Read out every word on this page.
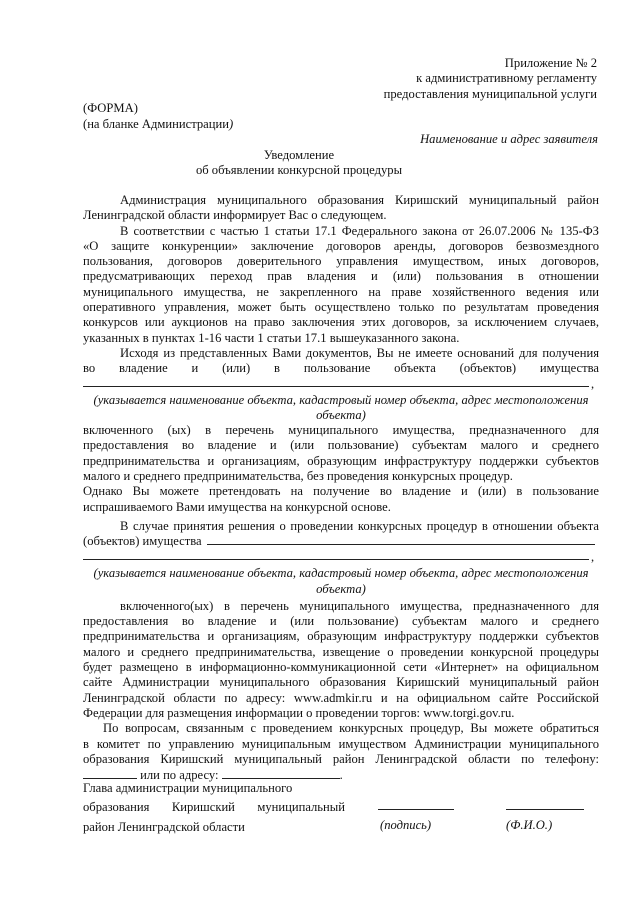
Приложение № 2
к административному регламенту
предоставления муниципальной услуги
(ФОРМА)
(на бланке Администрации)
Наименование и адрес заявителя
Уведомление
об объявлении конкурсной процедуры
Администрация муниципального образования Киришский муниципальный район
Ленинградской области информирует Вас о следующем.
В соответствии с частью 1 статьи 17.1 Федерального закона от 26.07.2006 № 135-ФЗ
«О защите конкуренции» заключение договоров аренды, договоров безвозмездного
пользования, договоров доверительного управления имуществом, иных договоров,
предусматривающих переход прав владения и (или) пользования в отношении
муниципального имущества, не закрепленного на праве хозяйственного ведения или
оперативного управления, может быть осуществлено только по результатам проведения
конкурсов или аукционов на право заключения этих договоров, за исключением случаев,
указанных в пунктах 1-16 части 1 статьи 17.1 вышеуказанного закона.
Исходя из представленных Вами документов, Вы не имеете оснований для получения
во владение и (или) в пользование объекта (объектов) имущества
,
(указывается наименование объекта, кадастровый номер объекта, адрес местоположения
объекта)
включенного (ых) в перечень муниципального имущества, предназначенного для
предоставления во владение и (или пользование) субъектам малого и среднего
предпринимательства и организациям, образующим инфраструктуру поддержки субъектов
малого и среднего предпринимательства, без проведения конкурсных процедур.
Однако Вы можете претендовать на получение во владение и (или) в пользование
испрашиваемого Вами имущества на конкурсной основе.
В случае принятия решения о проведении конкурсных процедур в отношении объекта
(объектов) имущества
,
(указывается наименование объекта, кадастровый номер объекта, адрес местоположения
объекта)
включенного(ых) в перечень муниципального имущества, предназначенного для
предоставления во владение и (или пользование) субъектам малого и среднего
предпринимательства и организациям, образующим инфраструктуру поддержки субъектов
малого и среднего предпринимательства, извещение о проведении конкурсной процедуры
будет размещено в информационно-коммуникационной сети «Интернет» на официальном
сайте Администрации муниципального образования Киришский муниципальный район
Ленинградской области по адресу: www.admkir.ru и на официальном сайте Российской
Федерации для размещения информации о проведении торгов: www.torgi.gov.ru.
По вопросам, связанным с проведением конкурсных процедур, Вы можете обратиться
в комитет по управлению муниципальным имуществом Администрации муниципального
образования Киришский муниципальный район Ленинградской области по телефону:
или по адресу:	.
Глава администрации муниципального
образования Киришский муниципальный
район Ленинградской области	(подпись)	(Ф.И.О.)
